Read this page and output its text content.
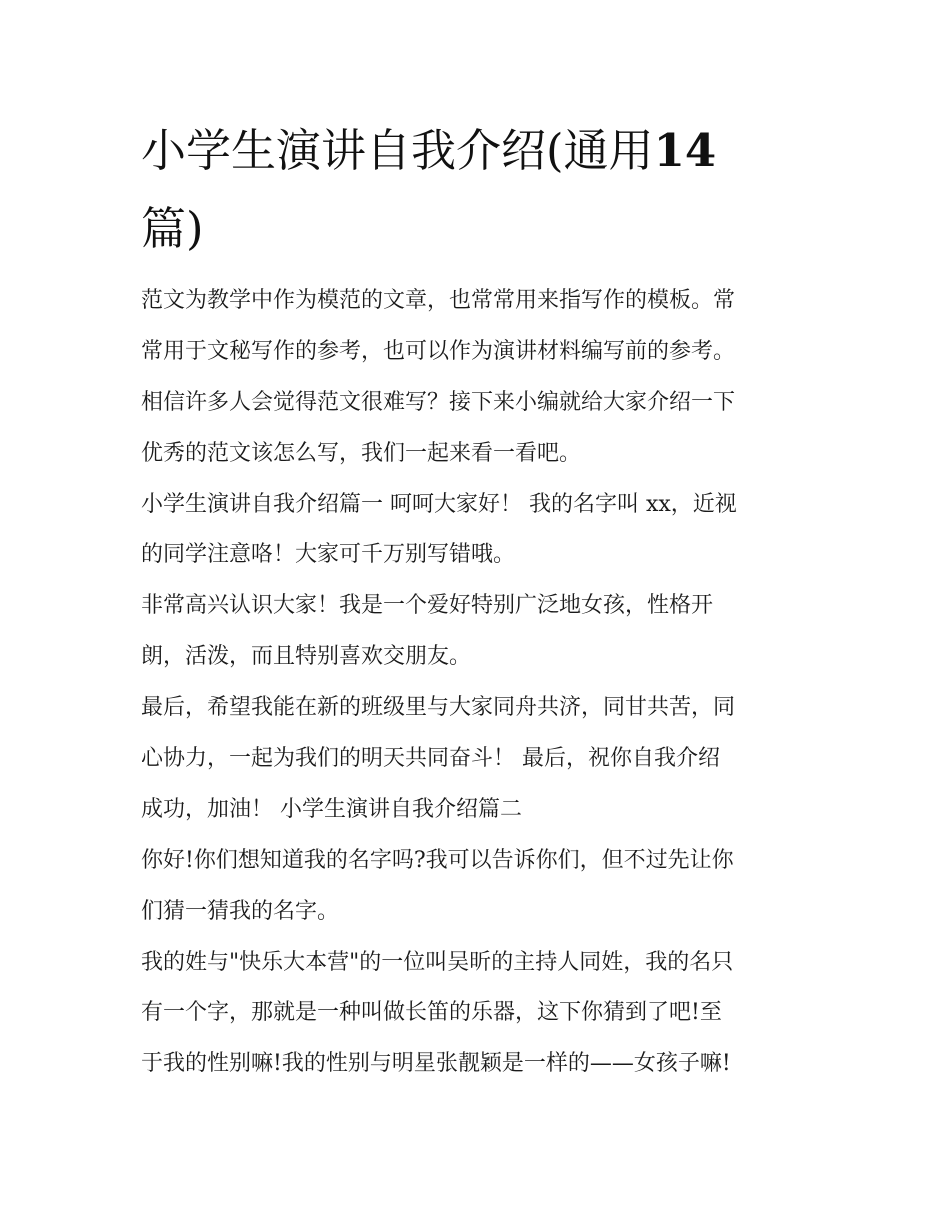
小学生演讲自我介绍(通用14
篇)
范文为教学中作为模范的文章，也常常用来指写作的模板。常
常用于文秘写作的参考，也可以作为演讲材料编写前的参考。
相信许多人会觉得范文很难写？接下来小编就给大家介绍一下
优秀的范文该怎么写，我们一起来看一看吧。
小学生演讲自我介绍篇一 呵呵大家好！ 我的名字叫 xx，近视
的同学注意咯！大家可千万别写错哦。
非常高兴认识大家！我是一个爱好特别广泛地女孩，性格开
朗，活泼，而且特别喜欢交朋友。
最后，希望我能在新的班级里与大家同舟共济，同甘共苦，同
心协力，一起为我们的明天共同奋斗！ 最后，祝你自我介绍
成功，加油！ 小学生演讲自我介绍篇二
你好!你们想知道我的名字吗?我可以告诉你们，但不过先让你
们猜一猜我的名字。
我的姓与"快乐大本营"的一位叫吴昕的主持人同姓，我的名只
有一个字，那就是一种叫做长笛的乐器，这下你猜到了吧!至
于我的性别嘛!我的性别与明星张靓颖是一样的——女孩子嘛!
